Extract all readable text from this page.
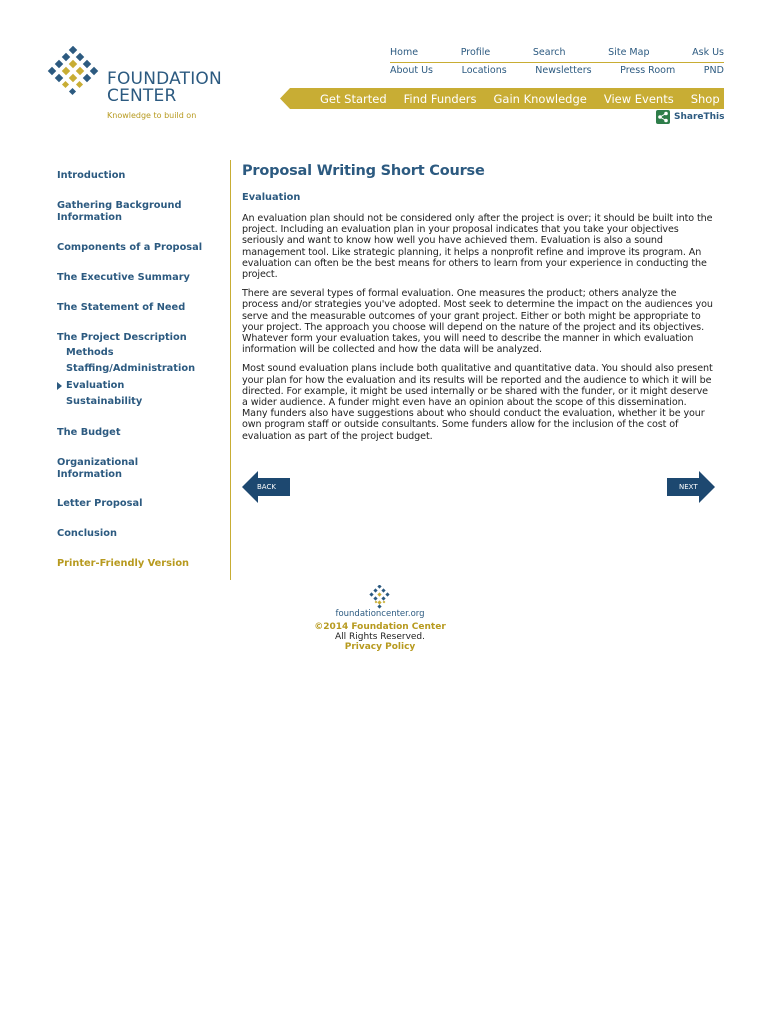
FOUNDATION
CENTER
Knowledge to build on
Home	Profile	Search	Site Map	Ask Us
About Us	Locations	Newsletters	Press Room	PND
Get Started Find Funders Gain Knowledge View Events Shop
ShareThis
Introduction
Gathering Background
Information
Components of a Proposal
The Executive Summary
The Statement of Need
The Project Description
Methods
Staffing/Administration
Evaluation
Sustainability
The Budget
Organizational
Information
Letter Proposal
Conclusion
Printer-Friendly Version
Proposal Writing Short Course
Evaluation

An evaluation plan should not be considered only after the project is over; it should be built into the project. Including an evaluation plan in your proposal indicates that you take your objectives seriously and want to know how well you have achieved them. Evaluation is also a sound management tool. Like strategic planning, it helps a nonprofit refine and improve its program. An evaluation can often be the best means for others to learn from your experience in conducting the project.

There are several types of formal evaluation. One measures the product; others analyze the process and/or strategies you've adopted. Most seek to determine the impact on the audiences you serve and the measurable outcomes of your grant project. Either or both might be appropriate to your project. The approach you choose will depend on the nature of the project and its objectives. Whatever form your evaluation takes, you will need to describe the manner in which evaluation information will be collected and how the data will be analyzed.

Most sound evaluation plans include both qualitative and quantitative data. You should also present your plan for how the evaluation and its results will be reported and the audience to which it will be directed. For example, it might be used internally or be shared with the funder, or it might deserve a wider audience. A funder might even have an opinion about the scope of this dissemination. Many funders also have suggestions about who should conduct the evaluation, whether it be your own program staff or outside consultants. Some funders allow for the inclusion of the cost of evaluation as part of the project budget.

BACK	NEXT
foundationcenter.org
©2014 Foundation Center
All Rights Reserved.
Privacy Policy
